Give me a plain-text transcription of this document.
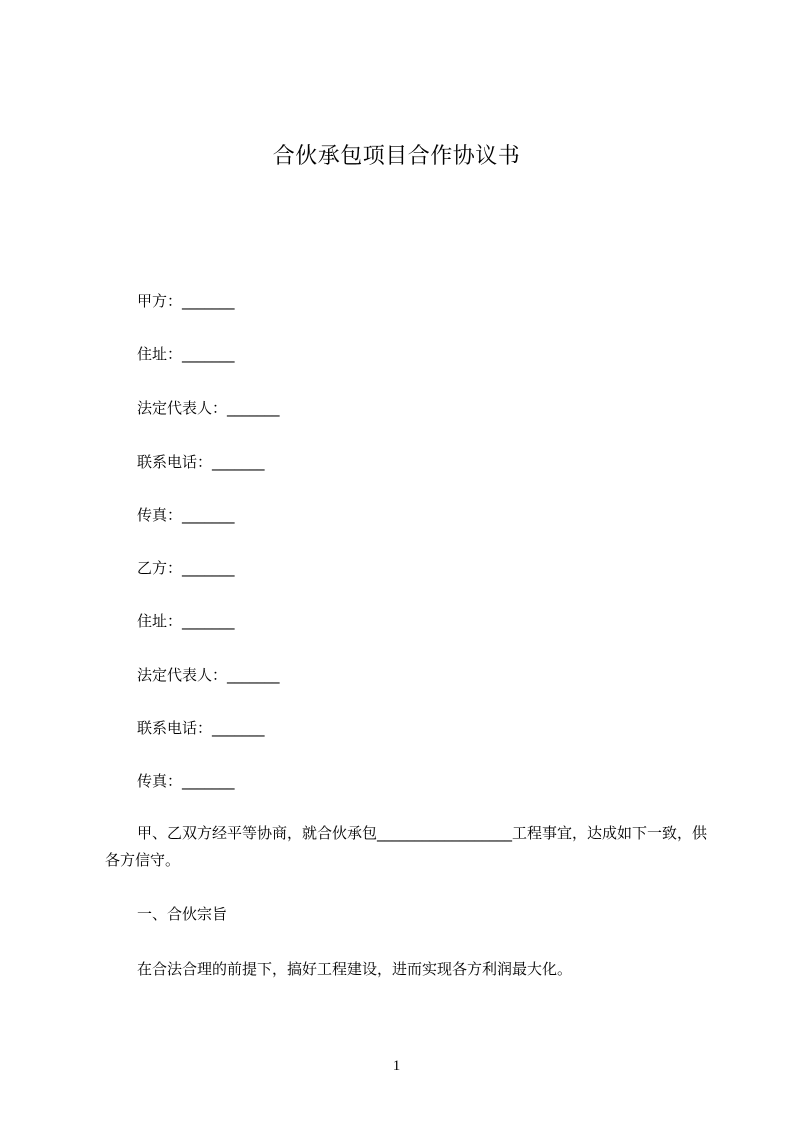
合伙承包项目合作协议书
甲方：_______
住址：_______
法定代表人：_______
联系电话：_______
传真：_______
乙方：_______
住址：_______
法定代表人：_______
联系电话：_______
传真：_______
甲、乙双方经平等协商，就合伙承包__________________工程事宜，达成如下一致，供各方信守。
一、合伙宗旨
在合法合理的前提下，搞好工程建设，进而实现各方利润最大化。
1
